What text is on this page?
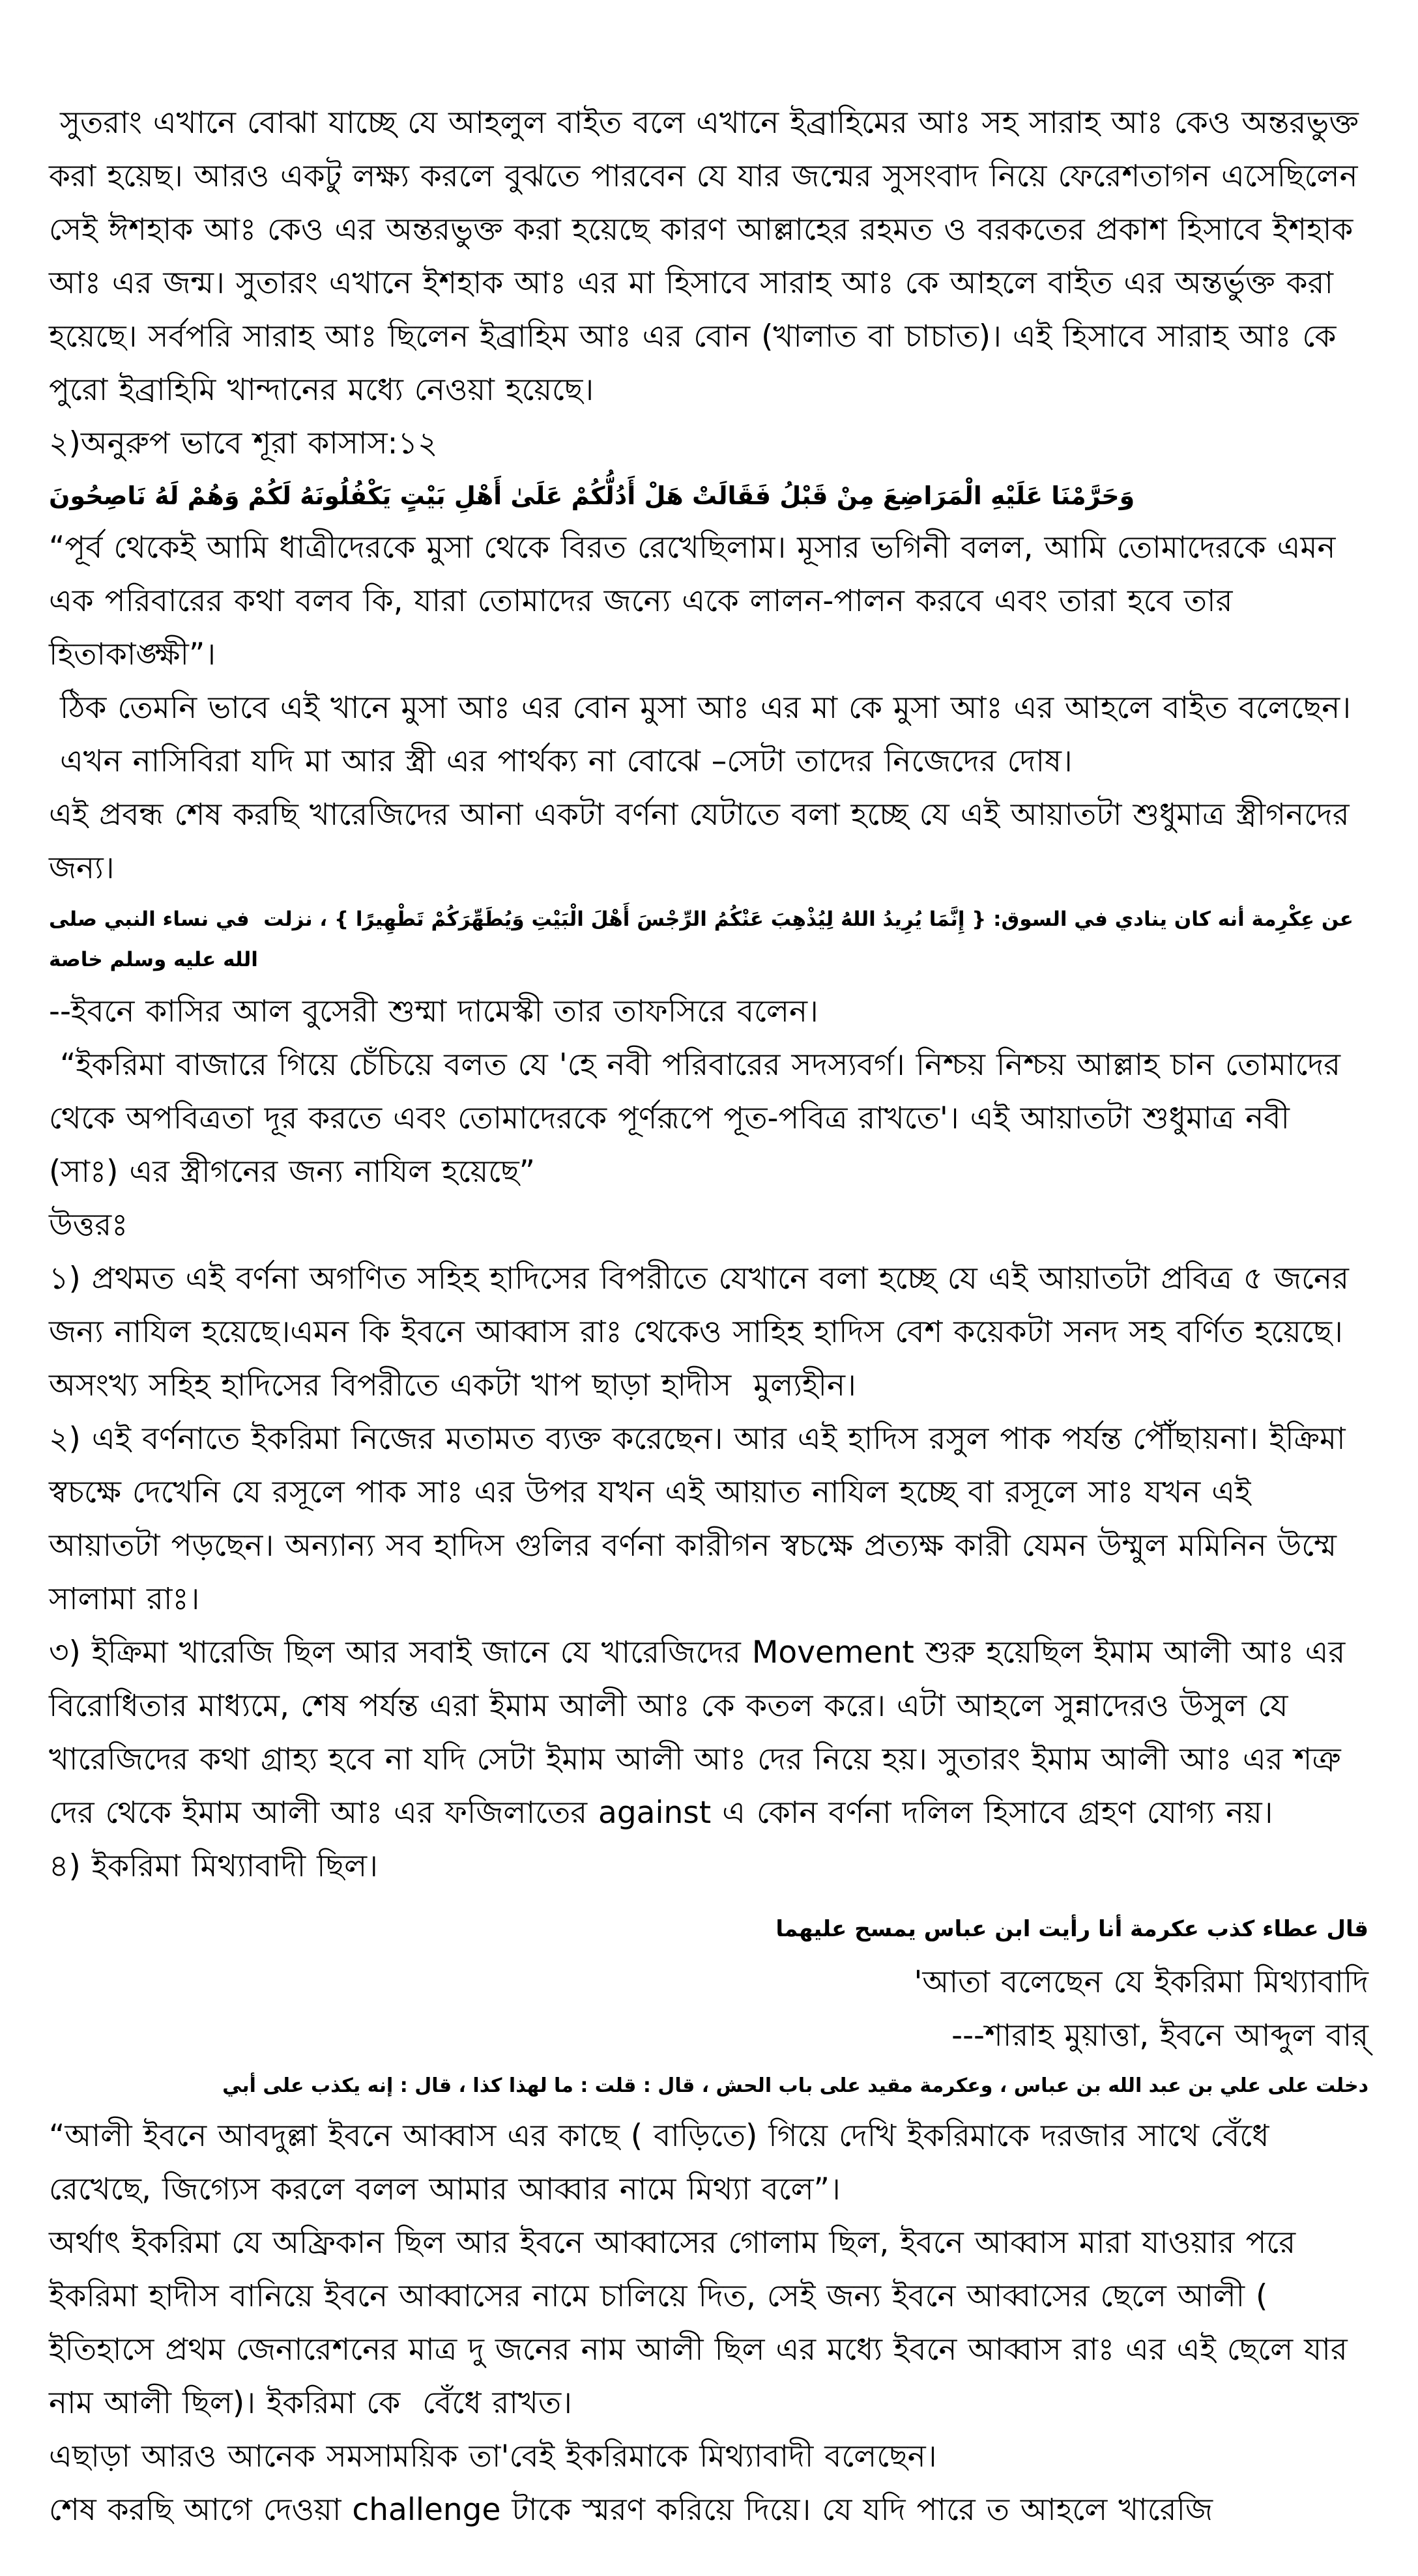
সুতরাং এখানে বোঝা যাচ্ছে যে আহলুল বাইত বলে এখানে ইব্রাহিমের আঃ সহ সারাহ আঃ কেও অন্তরভুক্ত করা হয়েছ। আরও একটু লক্ষ্য করলে বুঝতে পারবেন যে যার জন্মের সুসংবাদ নিয়ে ফেরেশতাগন এসেছিলেন সেই ঈশহাক আঃ কেও এর অন্তরভুক্ত করা হয়েছে কারণ আল্লাহের রহমত ও বরকতের প্রকাশ হিসাবে ইশহাক আঃ এর জন্ম। সুতারং এখানে ইশহাক আঃ এর মা হিসাবে সারাহ আঃ কে আহলে বাইত এর অন্তর্ভুক্ত করা হয়েছে। সর্বপরি সারাহ আঃ ছিলেন ইব্রাহিম আঃ এর বোন (খালাত বা চাচাত)। এই হিসাবে সারাহ আঃ কে পুরো ইব্রাহিমি খান্দানের মধ্যে নেওয়া হয়েছে।

২)অনুরুপ ভাবে শূরা কাসাস:১২

وَحَرَّمْنَا عَلَيْهِ الْمَرَاضِعَ مِنْ قَبْلُ فَقَالَتْ هَلْ أَدُلُّكُمْ عَلَىٰ أَهْلِ بَيْتٍ يَكْفُلُونَهُ لَكُمْ وَهُمْ لَهُ نَاصِحُونَ

“পূর্ব থেকেই আমি ধাত্রীদেরকে মুসা থেকে বিরত রেখেছিলাম। মূসার ভগিনী বলল, আমি তোমাদেরকে এমন এক পরিবারের কথা বলব কি, যারা তোমাদের জন্যে একে লালন-পালন করবে এবং তারা হবে তার হিতাকাঙ্ক্ষী”।

ঠিক তেমনি ভাবে এই খানে মুসা আঃ এর বোন মুসা আঃ এর মা কে মুসা আঃ এর আহলে বাইত বলেছেন।

এখন নাসিবিরা যদি মা আর স্ত্রী এর পার্থক্য না বোঝে –সেটা তাদের নিজেদের দোষ।

এই প্রবন্ধ শেষ করছি খারেজিদের আনা একটা বর্ণনা যেটাতে বলা হচ্ছে যে এই আয়াতটা শুধুমাত্র স্ত্রীগনদের জন্য।

عن عِكْرِمة أنه كان ينادي في السوق: { إِنَّمَا يُرِيدُ اللهُ لِيُذْهِبَ عَنْكُمُ الرِّجْسَ أَهْلَ الْبَيْتِ وَيُطَهِّرَكُمْ تَطْهِيرًا } ، نزلت  في نساء النبي صلى الله عليه وسلم خاصة

--ইবনে কাসির আল বুসেরী শুম্মা দামেস্কী তার তাফসিরে বলেন।

“ইকরিমা বাজারে গিয়ে চেঁচিয়ে বলত যে 'হে নবী পরিবারের সদস্যবর্গ। নিশ্চয় নিশ্চয় আল্লাহ চান তোমাদের থেকে অপবিত্রতা দূর করতে এবং তোমাদেরকে পূর্ণরূপে পূত-পবিত্র রাখতে'। এই আয়াতটা শুধুমাত্র নবী (সাঃ) এর স্ত্রীগনের জন্য নাযিল হয়েছে”

উত্তরঃ

১) প্রথমত এই বর্ণনা অগণিত সহিহ হাদিসের বিপরীতে যেখানে বলা হচ্ছে যে এই আয়াতটা প্রবিত্র ৫ জনের জন্য নাযিল হয়েছে।এমন কি ইবনে আব্বাস রাঃ থেকেও সাহিহ হাদিস বেশ কয়েকটা সনদ সহ বর্ণিত হয়েছে। অসংখ্য সহিহ হাদিসের বিপরীতে একটা খাপ ছাড়া হাদীস  মুল্যহীন।

২) এই বর্ণনাতে ইকরিমা নিজের মতামত ব্যক্ত করেছেন। আর এই হাদিস রসুল পাক পর্যন্ত পৌঁছায়না। ইক্রিমা স্বচক্ষে দেখেনি যে রসূলে পাক সাঃ এর উপর যখন এই আয়াত নাযিল হচ্ছে বা রসূলে সাঃ যখন এই আয়াতটা পড়ছেন। অন্যান্য সব হাদিস গুলির বর্ণনা কারীগন স্বচক্ষে প্রত্যক্ষ কারী যেমন উম্মুল মমিনিন উম্মে সালামা রাঃ।

৩) ইক্রিমা খারেজি ছিল আর সবাই জানে যে খারেজিদের Movement শুরু হয়েছিল ইমাম আলী আঃ এর বিরোধিতার মাধ্যমে, শেষ পর্যন্ত এরা ইমাম আলী আঃ কে কতল করে। এটা আহলে সুন্নাদেরও উসুল যে খারেজিদের কথা গ্রাহ্য হবে না যদি সেটা ইমাম আলী আঃ দের নিয়ে হয়। সুতারং ইমাম আলী আঃ এর শত্রু দের থেকে ইমাম আলী আঃ এর ফজিলাতের against এ কোন বর্ণনা দলিল হিসাবে গ্রহণ যোগ্য নয়।

৪) ইকরিমা মিথ্যাবাদী ছিল।

قال عطاء كذب عكرمة أنا رأيت ابن عباس يمسح عليهما

'আতা বলেছেন যে ইকরিমা মিথ্যাবাদি

---শারাহ মুয়াত্তা, ইবনে আব্দুল বার্

دخلت على علي بن عبد الله بن عباس ، وعكرمة مقيد على باب الحش ، قال : قلت : ما لهذا كذا ، قال : إنه يكذب على أبي

“আলী ইবনে আবদুল্লা ইবনে আব্বাস এর কাছে ( বাড়িতে) গিয়ে দেখি ইকরিমাকে দরজার সাথে বেঁধে রেখেছে, জিগ্যেস করলে বলল আমার আব্বার নামে মিথ্যা বলে”।

অর্থাৎ ইকরিমা যে অফ্রিকান ছিল আর ইবনে আব্বাসের গোলাম ছিল, ইবনে আব্বাস মারা যাওয়ার পরে ইকরিমা হাদীস বানিয়ে ইবনে আব্বাসের নামে চালিয়ে দিত, সেই জন্য ইবনে আব্বাসের ছেলে আলী ( ইতিহাসে প্রথম জেনারেশনের মাত্র দু জনের নাম আলী ছিল এর মধ্যে ইবনে আব্বাস রাঃ এর এই ছেলে যার নাম আলী ছিল)। ইকরিমা কে  বেঁধে রাখত।

এছাড়া আরও আনেক সমসাময়িক তা'বেই ইকরিমাকে মিথ্যাবাদী বলেছেন।

শেষ করছি আগে দেওয়া challenge টাকে স্মরণ করিয়ে দিয়ে। যে যদি পারে ত আহলে খারেজি
